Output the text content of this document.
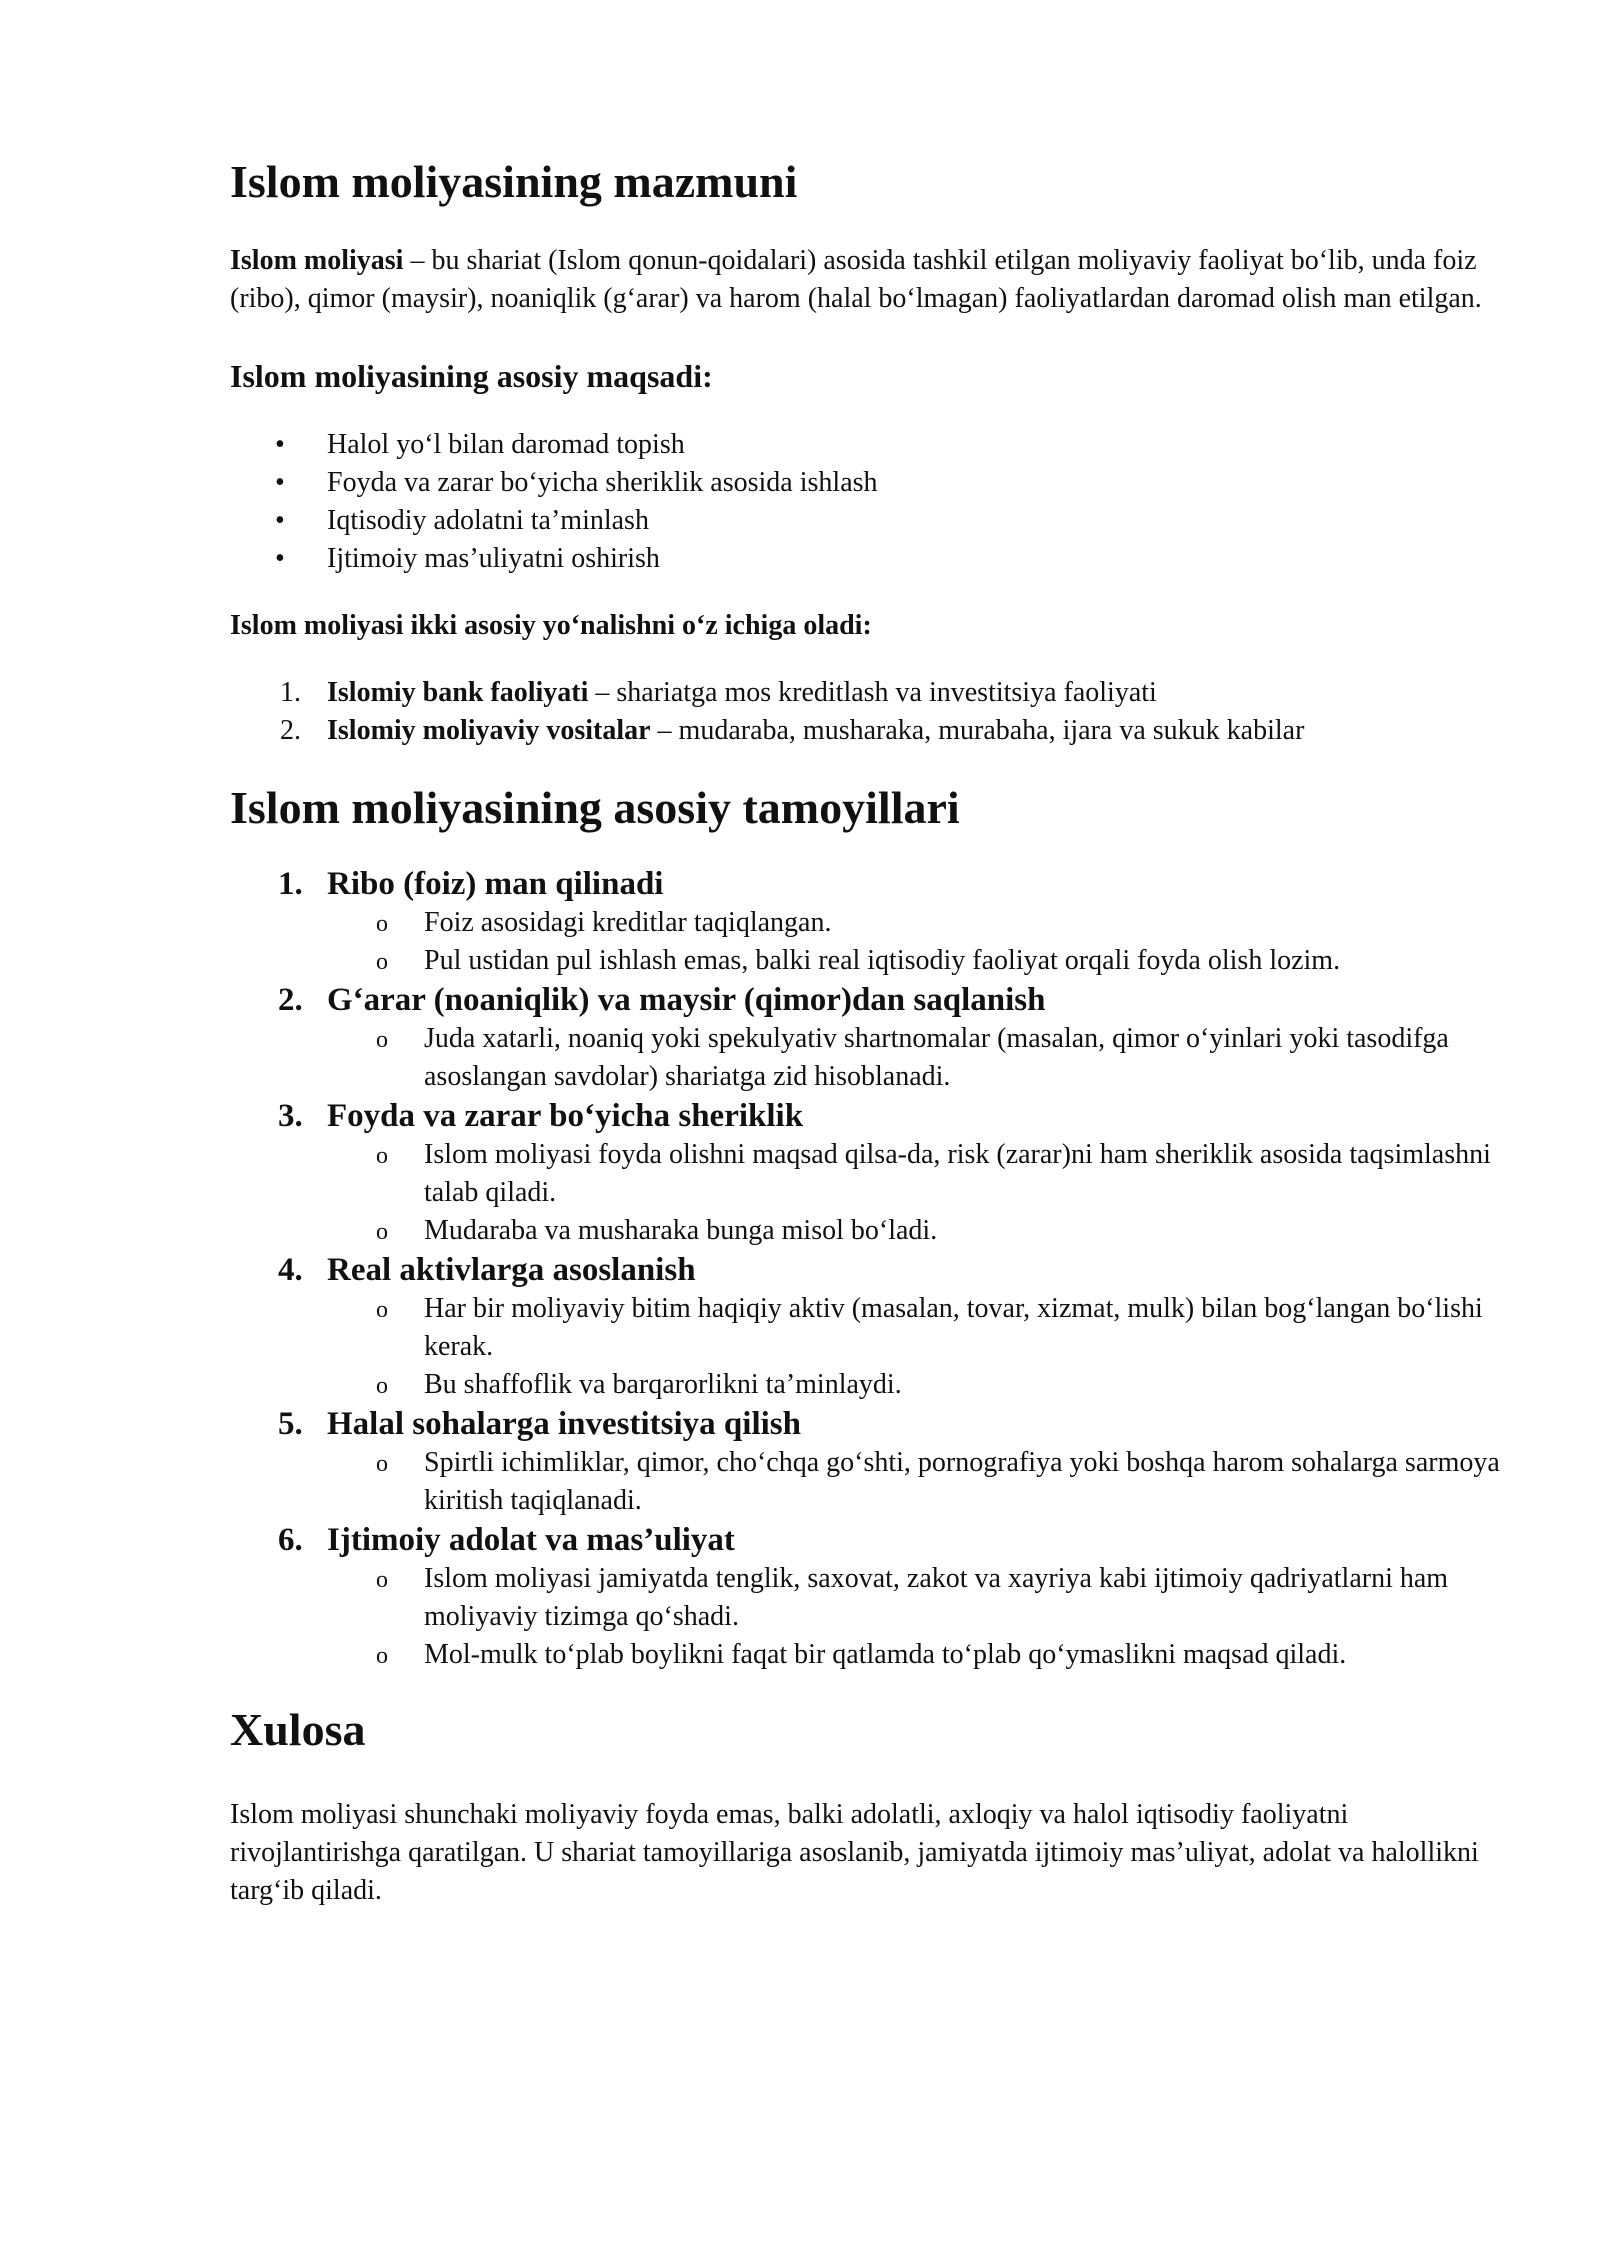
Islom moliyasining mazmuni

Islom moliyasi – bu shariat (Islom qonun-qoidalari) asosida tashkil etilgan moliyaviy faoliyat bo‘lib, unda foiz (ribo), qimor (maysir), noaniqlik (g‘arar) va harom (halal bo‘lmagan) faoliyatlardan daromad olish man etilgan.

Islom moliyasining asosiy maqsadi:
• Halol yo‘l bilan daromad topish
• Foyda va zarar bo‘yicha sheriklik asosida ishlash
• Iqtisodiy adolatni ta’minlash
• Ijtimoiy mas’uliyatni oshirish
Islom moliyasi ikki asosiy yo‘nalishni o‘z ichiga oladi:
1. Islomiy bank faoliyati – shariatga mos kreditlash va investitsiya faoliyati
2. Islomiy moliyaviy vositalar – mudaraba, musharaka, murabaha, ijara va sukuk kabilar
Islom moliyasining asosiy tamoyillari
1. Ribo (foiz) man qilinadi
o Foiz asosidagi kreditlar taqiqlangan.
o Pul ustidan pul ishlash emas, balki real iqtisodiy faoliyat orqali foyda olish lozim.
2. G‘arar (noaniqlik) va maysir (qimor)dan saqlanish
o Juda xatarli, noaniq yoki spekulyativ shartnomalar (masalan, qimor o‘yinlari yoki tasodifga asoslangan savdolar) shariatga zid hisoblanadi.
3. Foyda va zarar bo‘yicha sheriklik
o Islom moliyasi foyda olishni maqsad qilsa-da, risk (zarar)ni ham sheriklik asosida taqsimlashni talab qiladi.
o Mudaraba va musharaka bunga misol bo‘ladi.
4. Real aktivlarga asoslanish
o Har bir moliyaviy bitim haqiqiy aktiv (masalan, tovar, xizmat, mulk) bilan bog‘langan bo‘lishi kerak.
o Bu shaffoflik va barqarorlikni ta’minlaydi.
5. Halal sohalarga investitsiya qilish
o Spirtli ichimliklar, qimor, cho‘chqa go‘shti, pornografiya yoki boshqa harom sohalarga sarmoya kiritish taqiqlanadi.
6. Ijtimoiy adolat va mas’uliyat
o Islom moliyasi jamiyatda tenglik, saxovat, zakot va xayriya kabi ijtimoiy qadriyatlarni ham moliyaviy tizimga qo‘shadi.
o Mol-mulk to‘plab boylikni faqat bir qatlamda to‘plab qo‘ymaslikni maqsad qiladi.
Xulosa

Islom moliyasi shunchaki moliyaviy foyda emas, balki adolatli, axloqiy va halol iqtisodiy faoliyatni rivojlantirishga qaratilgan. U shariat tamoyillariga asoslanib, jamiyatda ijtimoiy mas’uliyat, adolat va halollikni targ‘ib qiladi.
